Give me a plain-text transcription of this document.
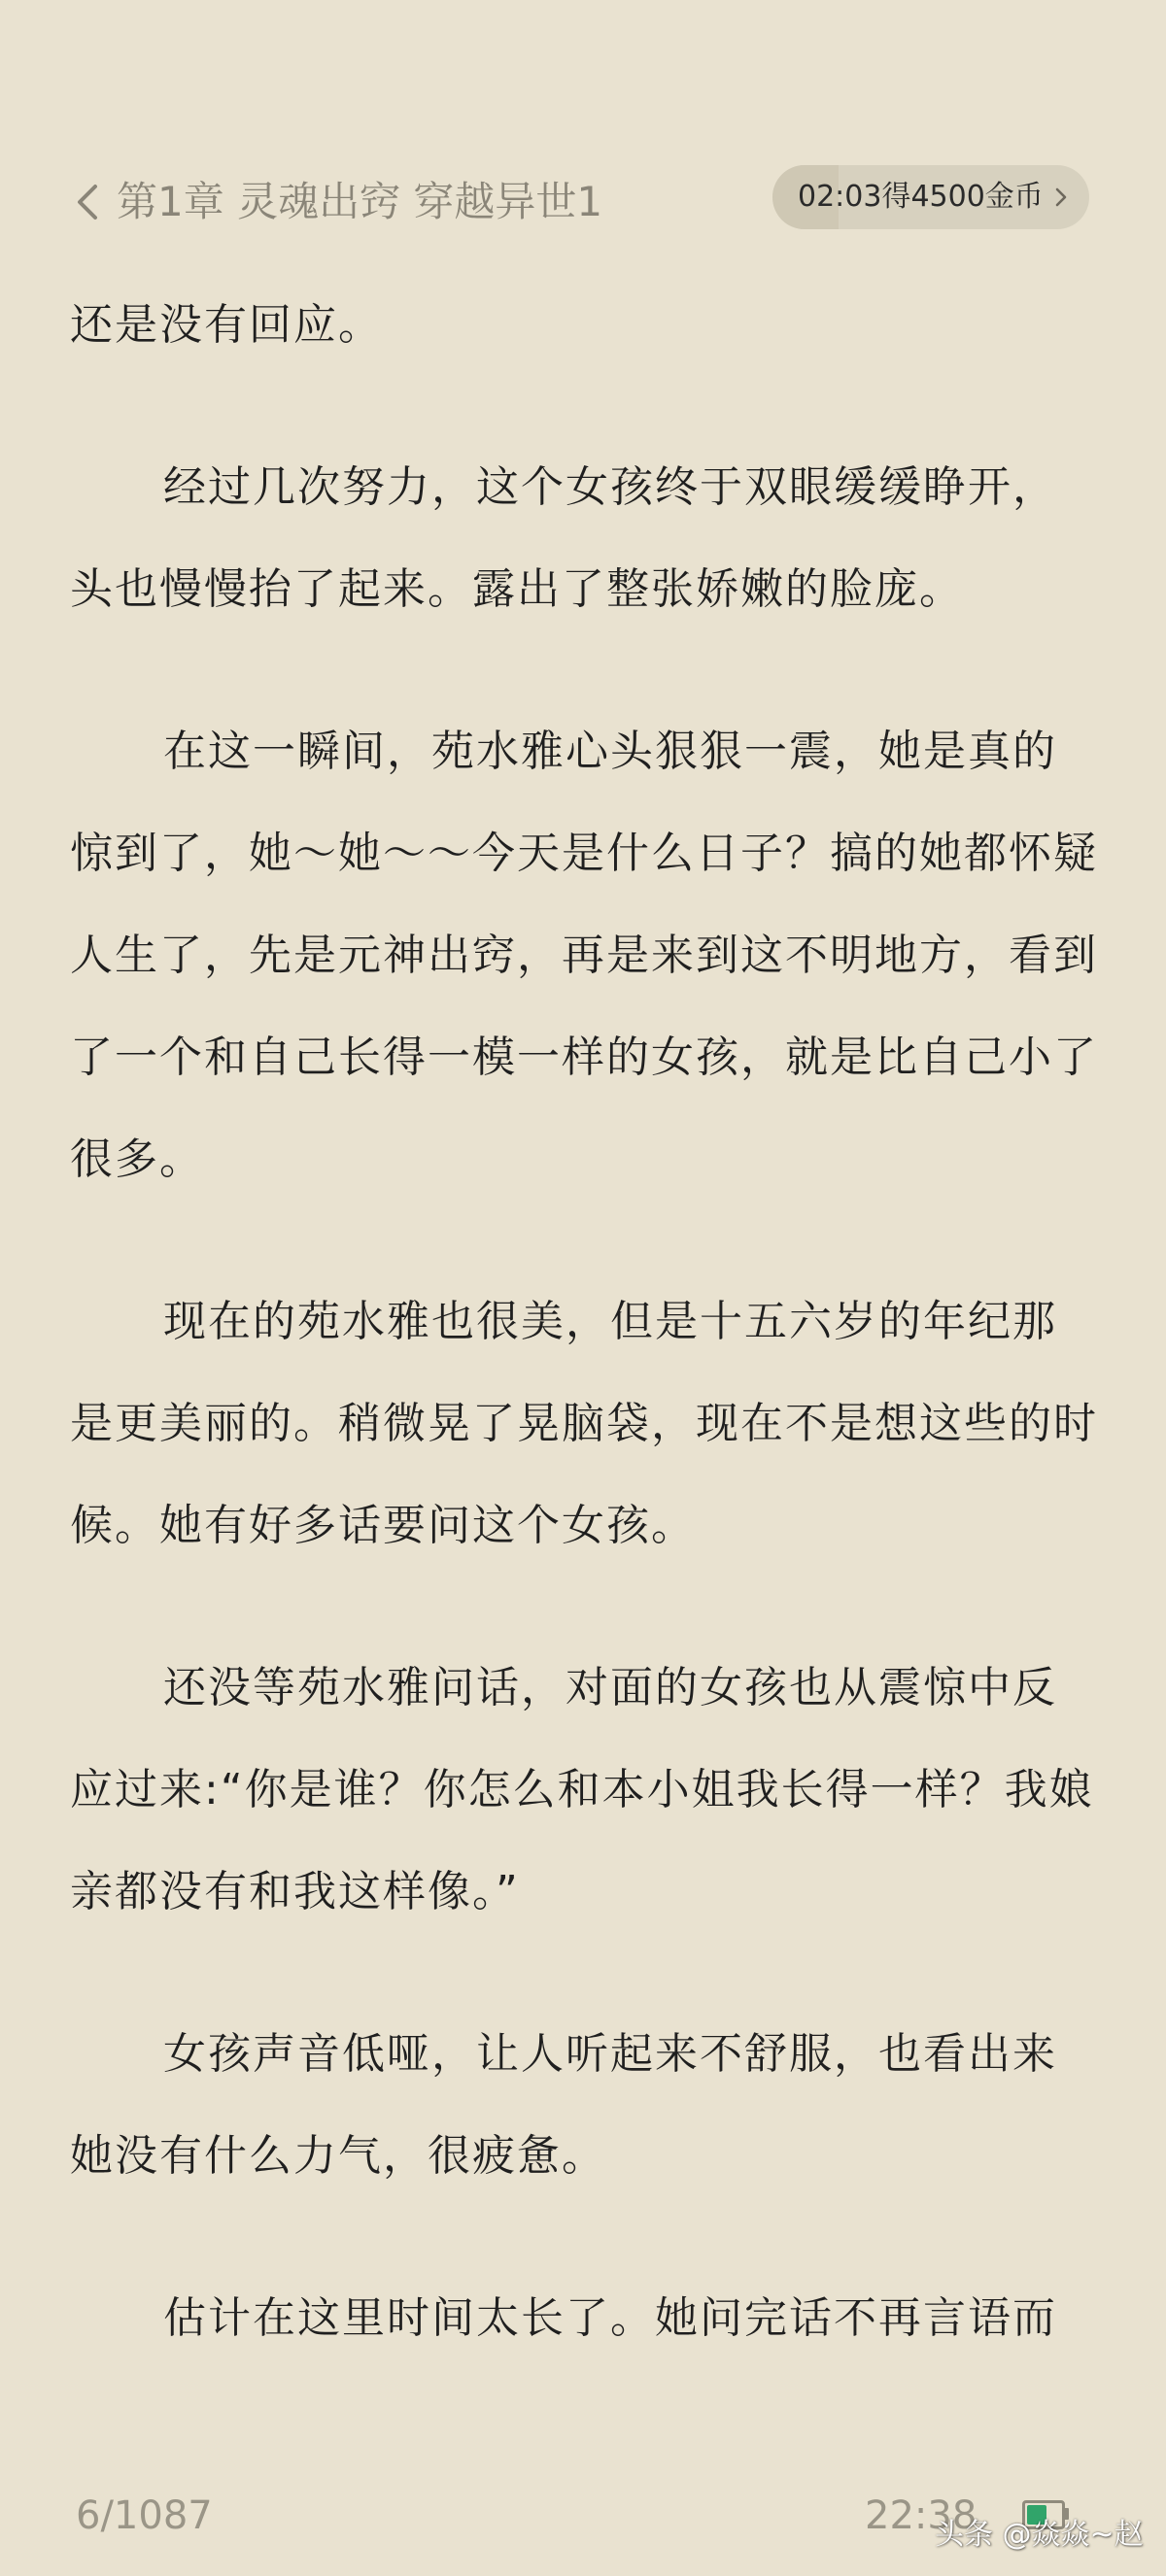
第1章 灵魂出窍 穿越异世1	02:03得4500金币

还是没有回应。

经过几次努力，这个女孩终于双眼缓缓睁开，头也慢慢抬了起来。露出了整张娇嫩的脸庞。

在这一瞬间，苑水雅心头狠狠一震，她是真的惊到了，她～她～～今天是什么日子？搞的她都怀疑人生了，先是元神出窍，再是来到这不明地方，看到了一个和自己长得一模一样的女孩，就是比自己小了很多。

现在的苑水雅也很美，但是十五六岁的年纪那是更美丽的。稍微晃了晃脑袋，现在不是想这些的时候。她有好多话要问这个女孩。

还没等苑水雅问话，对面的女孩也从震惊中反应过来:“你是谁？你怎么和本小姐我长得一样？我娘亲都没有和我这样像。”

女孩声音低哑，让人听起来不舒服，也看出来她没有什么力气，很疲惫。

估计在这里时间太长了。她问完话不再言语而

6/1087	22:38
头条 @焱焱~赵
